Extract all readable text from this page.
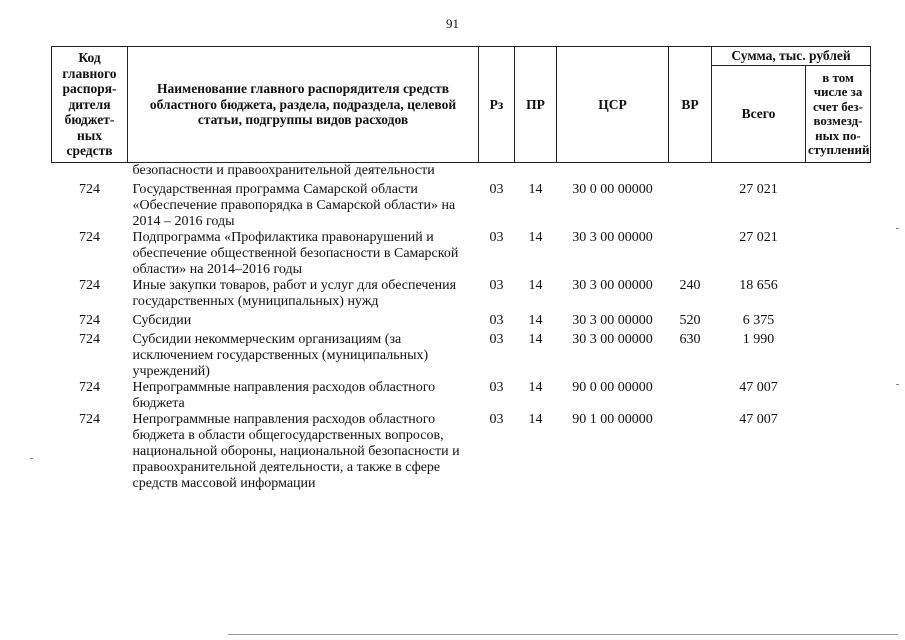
91
Код главного распоря-дителя бюджет-ных средств	Наименование главного распорядителя средств областного бюджета, раздела, подраздела, целевой статьи, подгруппы видов расходов	Рз	ПР	ЦСР	ВР	Сумма, тыс. рублей	
						Всего	в том числе за счет без-возмезд-ных по-ступлений
	безопасности и правоохранительной деятельности						
724	Государственная программа Самарской области «Обеспечение правопорядка в Самарской области» на 2014 – 2016 годы	03	14	30 0 00 00000		27 021	
724	Подпрограмма «Профилактика правонарушений и обеспечение общественной безопасности в Самарской области» на 2014–2016 годы	03	14	30 3 00 00000		27 021	
724	Иные закупки товаров, работ и услуг для обеспечения государственных (муниципальных) нужд	03	14	30 3 00 00000	240	18 656	
724	Субсидии	03	14	30 3 00 00000	520	6 375	
724	Субсидии некоммерческим организациям (за исключением государственных (муниципальных) учреждений)	03	14	30 3 00 00000	630	1 990	
724	Непрограммные направления расходов областного бюджета	03	14	90 0 00 00000		47 007	
724	Непрограммные направления расходов областного бюджета в области общегосударственных вопросов, национальной обороны, национальной безопасности и правоохранительной деятельности, а также в сфере средств массовой информации	03	14	90 1 00 00000		47 007	
